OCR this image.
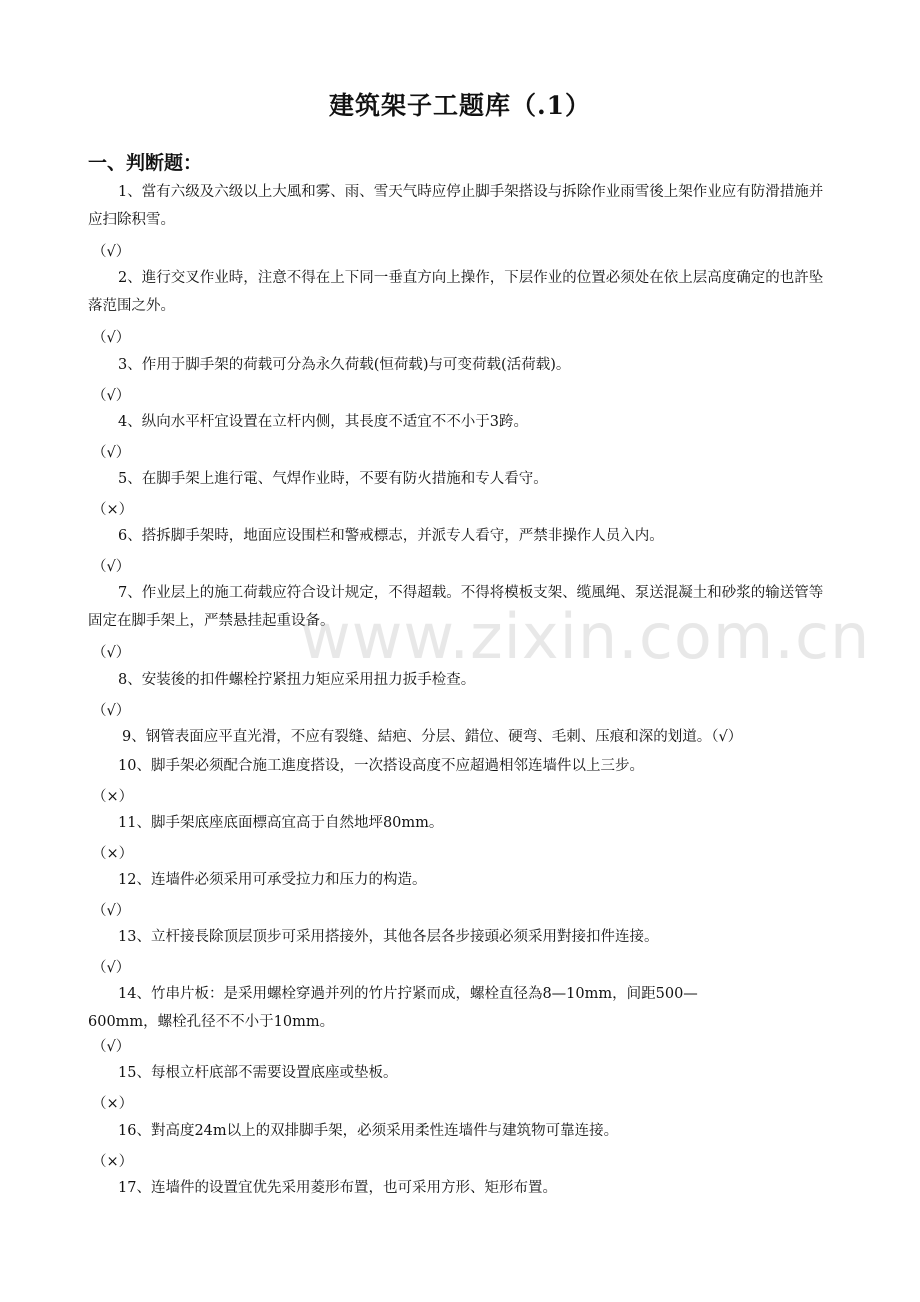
建筑架子工题库（.1）
一、判断题：
1、當有六级及六级以上大風和雾、雨、雪天气時应停止脚手架搭设与拆除作业雨雪後上架作业应有防滑措施并应扫除积雪。
（√）
2、進行交叉作业時，注意不得在上下同一垂直方向上操作，下层作业的位置必须处在依上层高度确定的也許坠落范围之外。
（√）
3、作用于脚手架的荷载可分為永久荷载(恒荷载)与可变荷载(活荷载)。
（√）
4、纵向水平杆宜设置在立杆内侧，其長度不适宜不不小于3跨。
（√）
5、在脚手架上進行電、气焊作业時，不要有防火措施和专人看守。
（×）
6、搭拆脚手架時，地面应设围栏和警戒標志，并派专人看守，严禁非操作人员入内。
（√）
7、作业层上的施工荷载应符合设计规定，不得超载。不得将模板支架、缆風绳、泵送混凝土和砂浆的输送管等固定在脚手架上，严禁悬挂起重设备。
（√）
8、安装後的扣件螺栓拧紧扭力矩应采用扭力扳手检查。
（√）
9、钢管表面应平直光滑，不应有裂缝、結疤、分层、錯位、硬弯、毛刺、压痕和深的划道。（√）
10、脚手架必须配合施工進度搭设，一次搭设高度不应超過相邻连墙件以上三步。
（×）
11、脚手架底座底面標高宜高于自然地坪80mm。
（×）
12、连墙件必须采用可承受拉力和压力的构造。
（√）
13、立杆接長除顶层顶步可采用搭接外，其他各层各步接頭必须采用對接扣件连接。
（√）
14、竹串片板：是采用螺栓穿過并列的竹片拧紧而成，螺栓直径為8—10mm，间距500—600mm，螺栓孔径不不小于10mm。
（√）
15、每根立杆底部不需要设置底座或垫板。
（×）
16、對高度24m以上的双排脚手架，必须采用柔性连墙件与建筑物可靠连接。
（×）
17、连墙件的设置宜优先采用菱形布置，也可采用方形、矩形布置。
www.zixin.com.cn
